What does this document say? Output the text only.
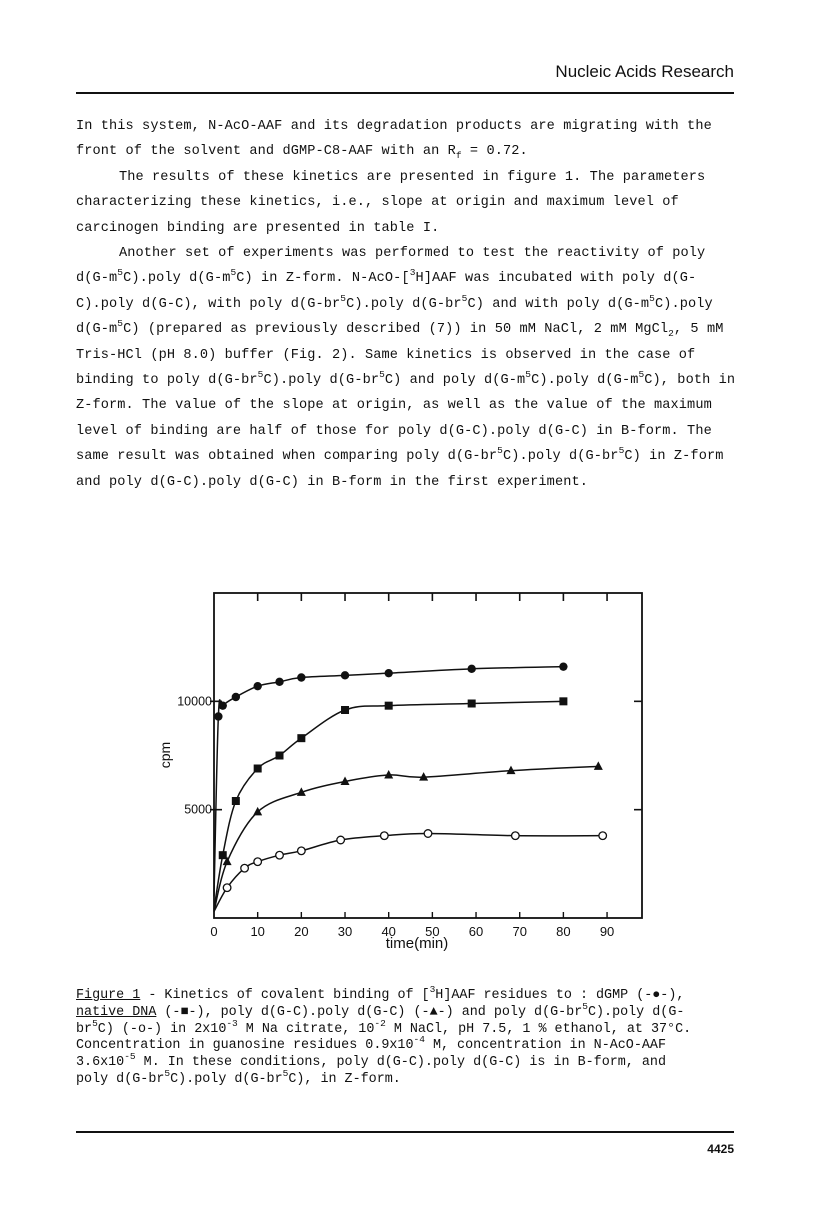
Nucleic Acids Research

In this system, N-AcO-AAF and its degradation products are migrating with the front of the solvent and dGMP-C8-AAF with an $R_f = 0.72$.

The results of these kinetics are presented in figure 1. The parameters characterizing these kinetics, i.e., slope at origin and maximum level of carcinogen binding are presented in table I.

Another set of experiments was performed to test the reactivity of poly $d(G-m^5C).poly$ $d(G-m^5C)$ in Z-form. N-AcO-[$^3$H]AAF was incubated with poly d(G-C).poly d(G-C), with poly $d(G-br^5C).poly$ $d(G-br^5C)$ and with poly $d(G-m^5C).poly$ $d(G-m^5C)$ (prepared as previously described (7)) in 50 mM NaCl, 2 mM MgCl$_2$, 5 mM Tris-HCl (pH 8.0) buffer (Fig. 2). Same kinetics is observed in the case of binding to poly $d(G-br^5C).poly$ $d(G-br^5C)$ and poly $d(G-m^5C).poly$ $d(G-m^5C)$, both in Z-form. The value of the slope at origin, as well as the value of the maximum level of binding are half of those for poly d(G-C).poly d(G-C) in B-form. The same result was obtained when comparing poly $d(G-br^5C).poly$ $d(G-br^5C)$ in Z-form and poly d(G-C).poly d(G-C) in B-form in the first experiment.

time(min)
cpm
0	10 20 30 40 50 60 70 80 90
5000
10000

Figure 1 - Kinetics of covalent binding of [$^3$H]AAF residues to : dGMP (-●-),

native DNA (-■-), poly d(G-C).poly d(G-C) (-▲-) and poly $d(G-br^5C).poly$ d(G-

$br^5C$) (-o-) in $2x10^{-3}$ M Na citrate, $10^{-2}$ M NaCl, pH 7.5, 1 % ethanol, at 37°C.

Concentration in guanosine residues $0.9x10^{-4}$ M, concentration in N-AcO-AAF

$3.6x10^{-5}$ M. In these conditions, poly d(G-C).poly d(G-C) is in B-form, and

poly $d(G-br^5C).poly$ $d(G-br^5C)$, in Z-form.

4425
